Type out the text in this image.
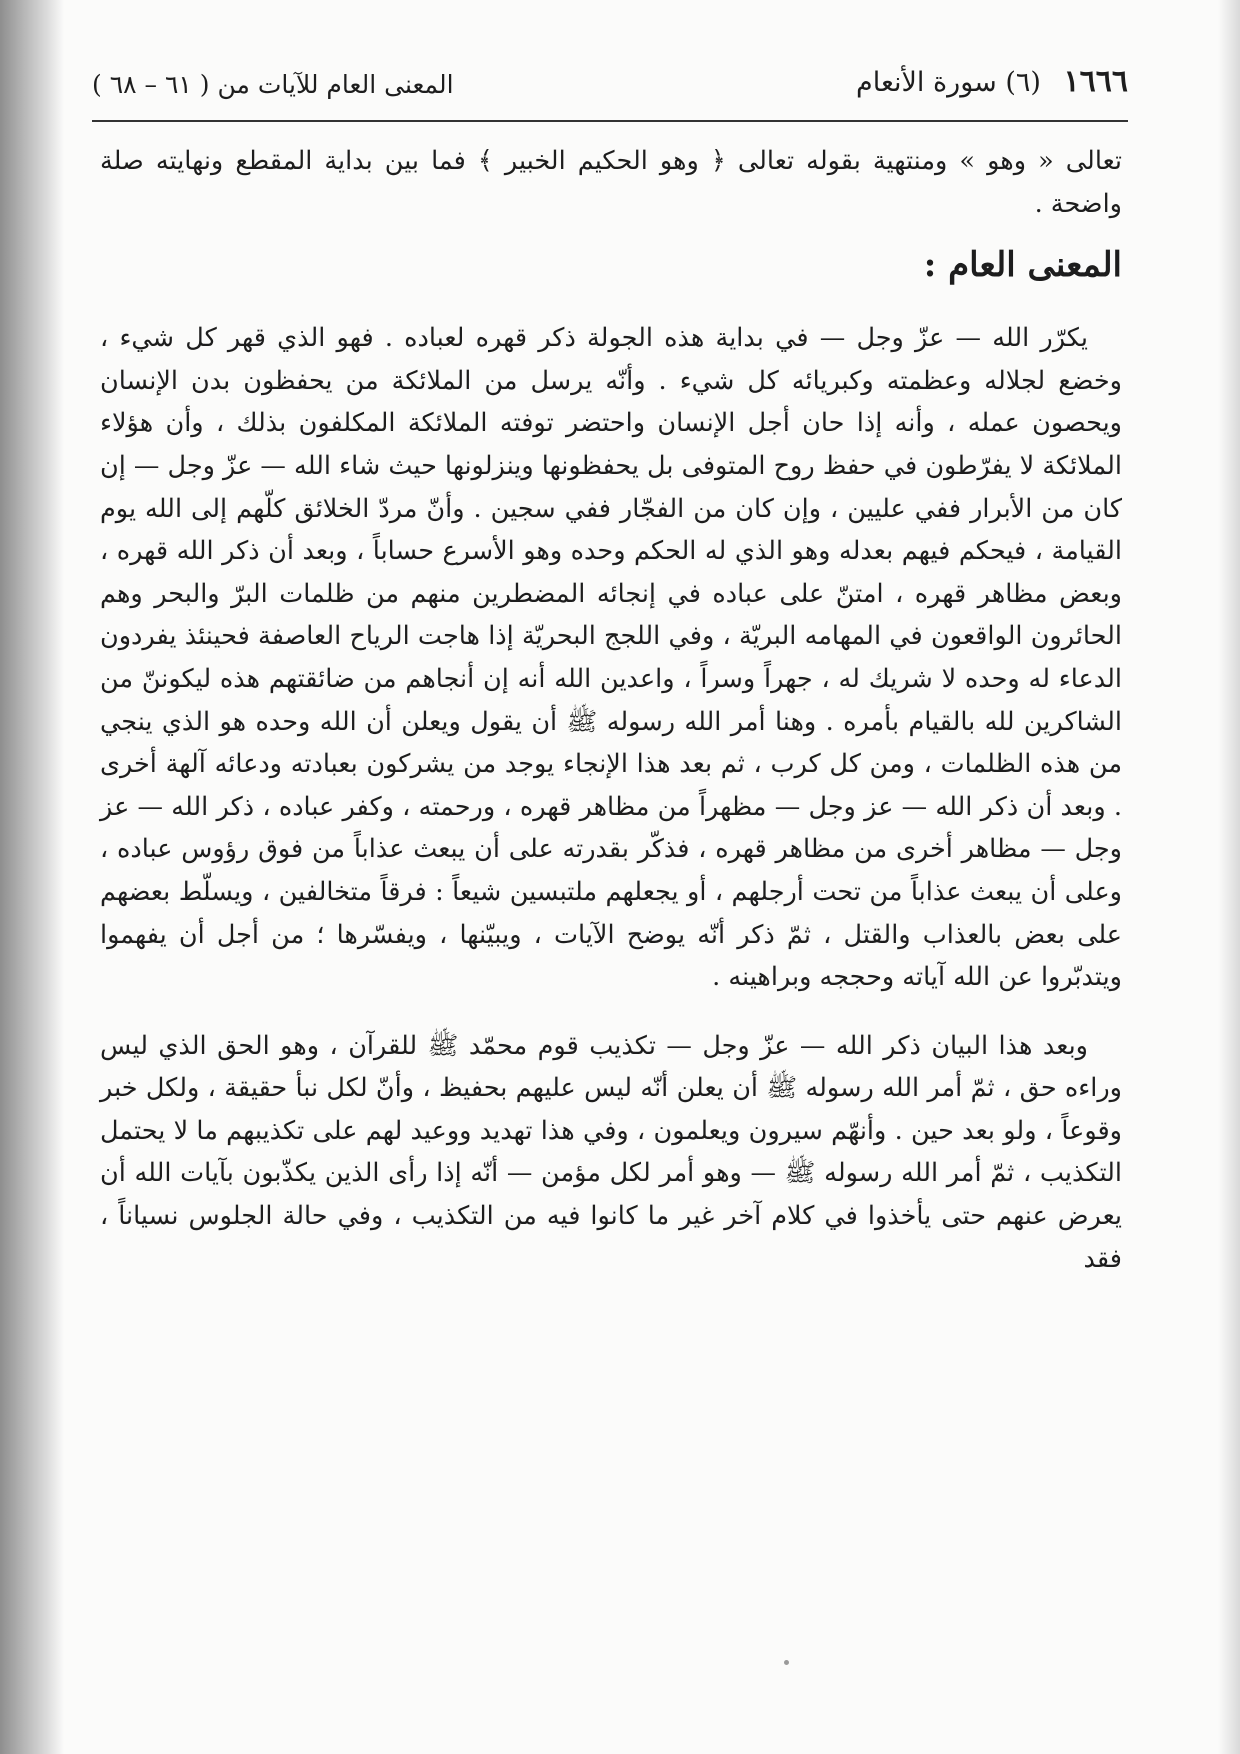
١٦٦٦ (٦) سورة الأنعام
المعنى العام للآيات من ( ٦١ – ٦٨ )

تعالى « وهو » ومنتهية بقوله تعالى ﴿ وهو الحكيم الخبير ﴾ فما بين بداية المقطع ونهايته صلة واضحة .

المعنى العام :

يكرّر الله — عزّ وجل — في بداية هذه الجولة ذكر قهره لعباده . فهو الذي قهر كل شيء ، وخضع لجلاله وعظمته وكبريائه كل شيء . وأنّه يرسل من الملائكة من يحفظون بدن الإنسان ويحصون عمله ، وأنه إذا حان أجل الإنسان واحتضر توفته الملائكة المكلفون بذلك ، وأن هؤلاء الملائكة لا يفرّطون في حفظ روح المتوفى بل يحفظونها وينزلونها حيث شاء الله — عزّ وجل — إن كان من الأبرار ففي عليين ، وإن كان من الفجّار ففي سجين . وأنّ مردّ الخلائق كلّهم إلى الله يوم القيامة ، فيحكم فيهم بعدله وهو الذي له الحكم وحده وهو الأسرع حساباً ، وبعد أن ذكر الله قهره ، وبعض مظاهر قهره ، امتنّ على عباده في إنجائه المضطرين منهم من ظلمات البرّ والبحر وهم الحائرون الواقعون في المهامه البريّة ، وفي اللجج البحريّة إذا هاجت الرياح العاصفة فحينئذ يفردون الدعاء له وحده لا شريك له ، جهراً وسراً ، واعدين الله أنه إن أنجاهم من ضائقتهم هذه ليكوننّ من الشاكرين لله بالقيام بأمره . وهنا أمر الله رسوله ﷺ أن يقول ويعلن أن الله وحده هو الذي ينجي من هذه الظلمات ، ومن كل كرب ، ثم بعد هذا الإنجاء يوجد من يشركون بعبادته ودعائه آلهة أخرى . وبعد أن ذكر الله — عز وجل — مظهراً من مظاهر قهره ، ورحمته ، وكفر عباده ، ذكر الله — عز وجل — مظاهر أخرى من مظاهر قهره ، فذكّر بقدرته على أن يبعث عذاباً من فوق رؤوس عباده ، وعلى أن يبعث عذاباً من تحت أرجلهم ، أو يجعلهم ملتبسين شيعاً : فرقاً متخالفين ، ويسلّط بعضهم على بعض بالعذاب والقتل ، ثمّ ذكر أنّه يوضح الآيات ، ويبيّنها ، ويفسّرها ؛ من أجل أن يفهموا ويتدبّروا عن الله آياته وحججه وبراهينه .

وبعد هذا البيان ذكر الله — عزّ وجل — تكذيب قوم محمّد ﷺ للقرآن ، وهو الحق الذي ليس وراءه حق ، ثمّ أمر الله رسوله ﷺ أن يعلن أنّه ليس عليهم بحفيظ ، وأنّ لكل نبأ حقيقة ، ولكل خبر وقوعاً ، ولو بعد حين . وأنهّم سيرون ويعلمون ، وفي هذا تهديد ووعيد لهم على تكذيبهم ما لا يحتمل التكذيب ، ثمّ أمر الله رسوله ﷺ — وهو أمر لكل مؤمن — أنّه إذا رأى الذين يكذّبون بآيات الله أن يعرض عنهم حتى يأخذوا في كلام آخر غير ما كانوا فيه من التكذيب ، وفي حالة الجلوس نسياناً ، فقد
